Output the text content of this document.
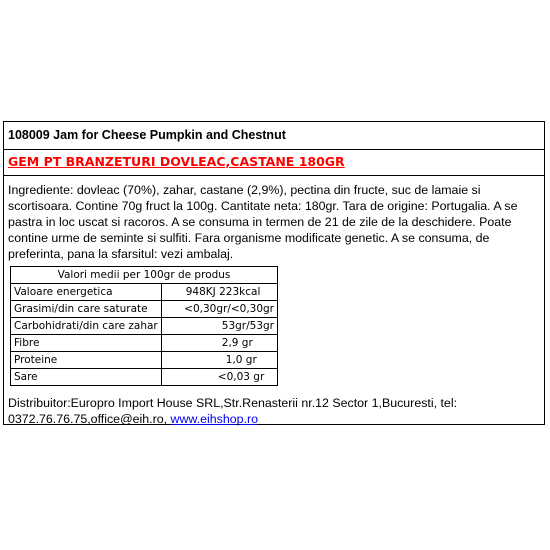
108009 Jam for Cheese Pumpkin and Chestnut
GEM PT BRANZETURI DOVLEAC,CASTANE 180GR
Ingrediente: dovleac (70%), zahar, castane (2,9%), pectina din fructe, suc de lamaie si scortisoara. Contine 70g fruct la 100g. Cantitate neta: 180gr. Tara de origine: Portugalia. A se pastra in loc uscat si racoros. A se consuma in termen de 21 de zile de la deschidere. Poate contine urme de seminte si sulfiti. Fara organisme modificate genetic. A se consuma, de preferinta, pana la sfarsitul: vezi ambalaj.
Valori medii per 100gr de produs	
Valoare energetica	948KJ 223kcal
Grasimi/din care saturate	<0,30gr/<0,30gr
Carbohidrati/din care zahar	53gr/53gr
Fibre	2,9 gr
Proteine	1,0 gr
Sare	<0,03 gr
Distribuitor:Europro Import House SRL,Str.Renasterii nr.12 Sector 1,Bucuresti, tel: 0372.76.76.75,office@eih.ro, www.eihshop.ro
